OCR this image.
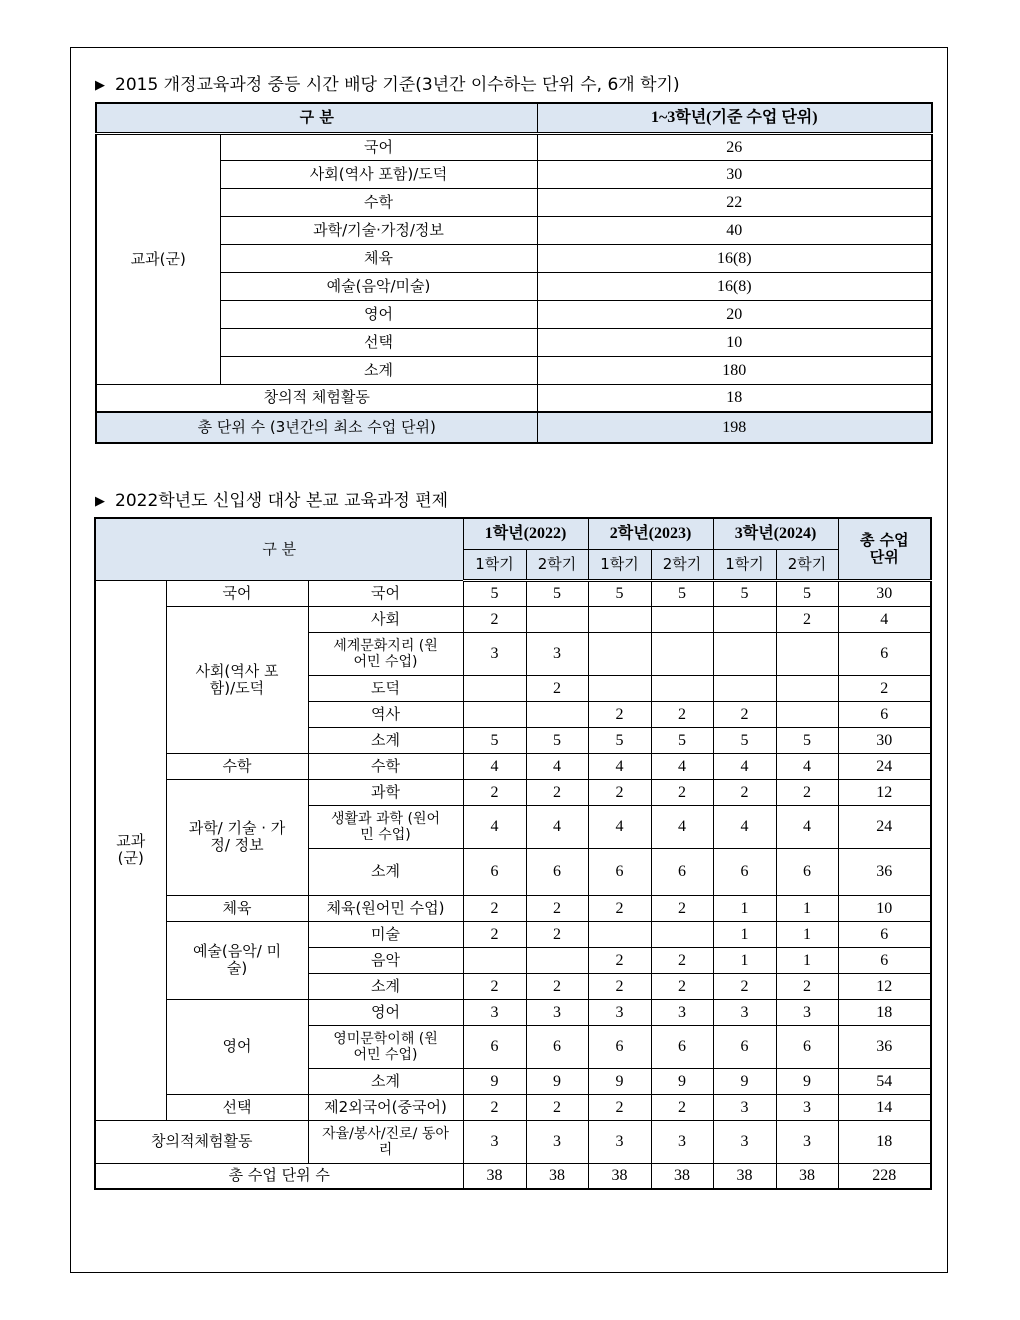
▶ 2015 개정교육과정 중등 시간 배당 기준(3년간 이수하는 단위 수, 6개 학기)
구 분		1~3학년(기준 수업 단위)
교과(군)	국어	26
	사회(역사 포함)/도덕	30
	수학	22
	과학/기술·가정/정보	40
	체육	16(8)
	예술(음악/미술)	16(8)
	영어	20
	선택	10
	소계	180
창의적 체험활동		18
총 단위 수 (3년간의 최소 수업 단위)		198
▶ 2022학년도 신입생 대상 본교 교육과정 편제
구 분			1학년(2022)		2학년(2023)		3학년(2024)		총 수업
단위

			1학기	2학기	1학기	2학기	1학기	2학기	

교과
(군)	국어	국어	5	5	5	5	5	5	30
	사회(역사 포함)/도덕	사회	2					2	4
		세계문화지리 (원어민 수업)	3	3					6
		도덕		2					2
		역사			2	2	2		6
		소계	5	5	5	5	5	5	30
	수학	수학	4	4	4	4	4	4	24
	과학/ 기술 · 가정/ 정보	과학	2	2	2	2	2	2	12
		생활과 과학 (원어민 수업)	4	4	4	4	4	4	24
		소계	6	6	6	6	6	6	36
	체육	체육(원어민 수업)	2	2	2	2	1	1	10
	예술(음악/ 미술)	미술	2	2			1	1	6
		음악			2	2	1	1	6
		소계	2	2	2	2	2	2	12
	영어	영어	3	3	3	3	3	3	18
		영미문학이해 (원어민 수업)	6	6	6	6	6	6	36
		소계	9	9	9	9	9	9	54
	선택	제2외국어(중국어)	2	2	2	2	3	3	14
창의적체험활동		자율/봉사/진로/ 동아리	3	3	3	3	3	3	18
총 수업 단위 수			38	38	38	38	38	38	228
